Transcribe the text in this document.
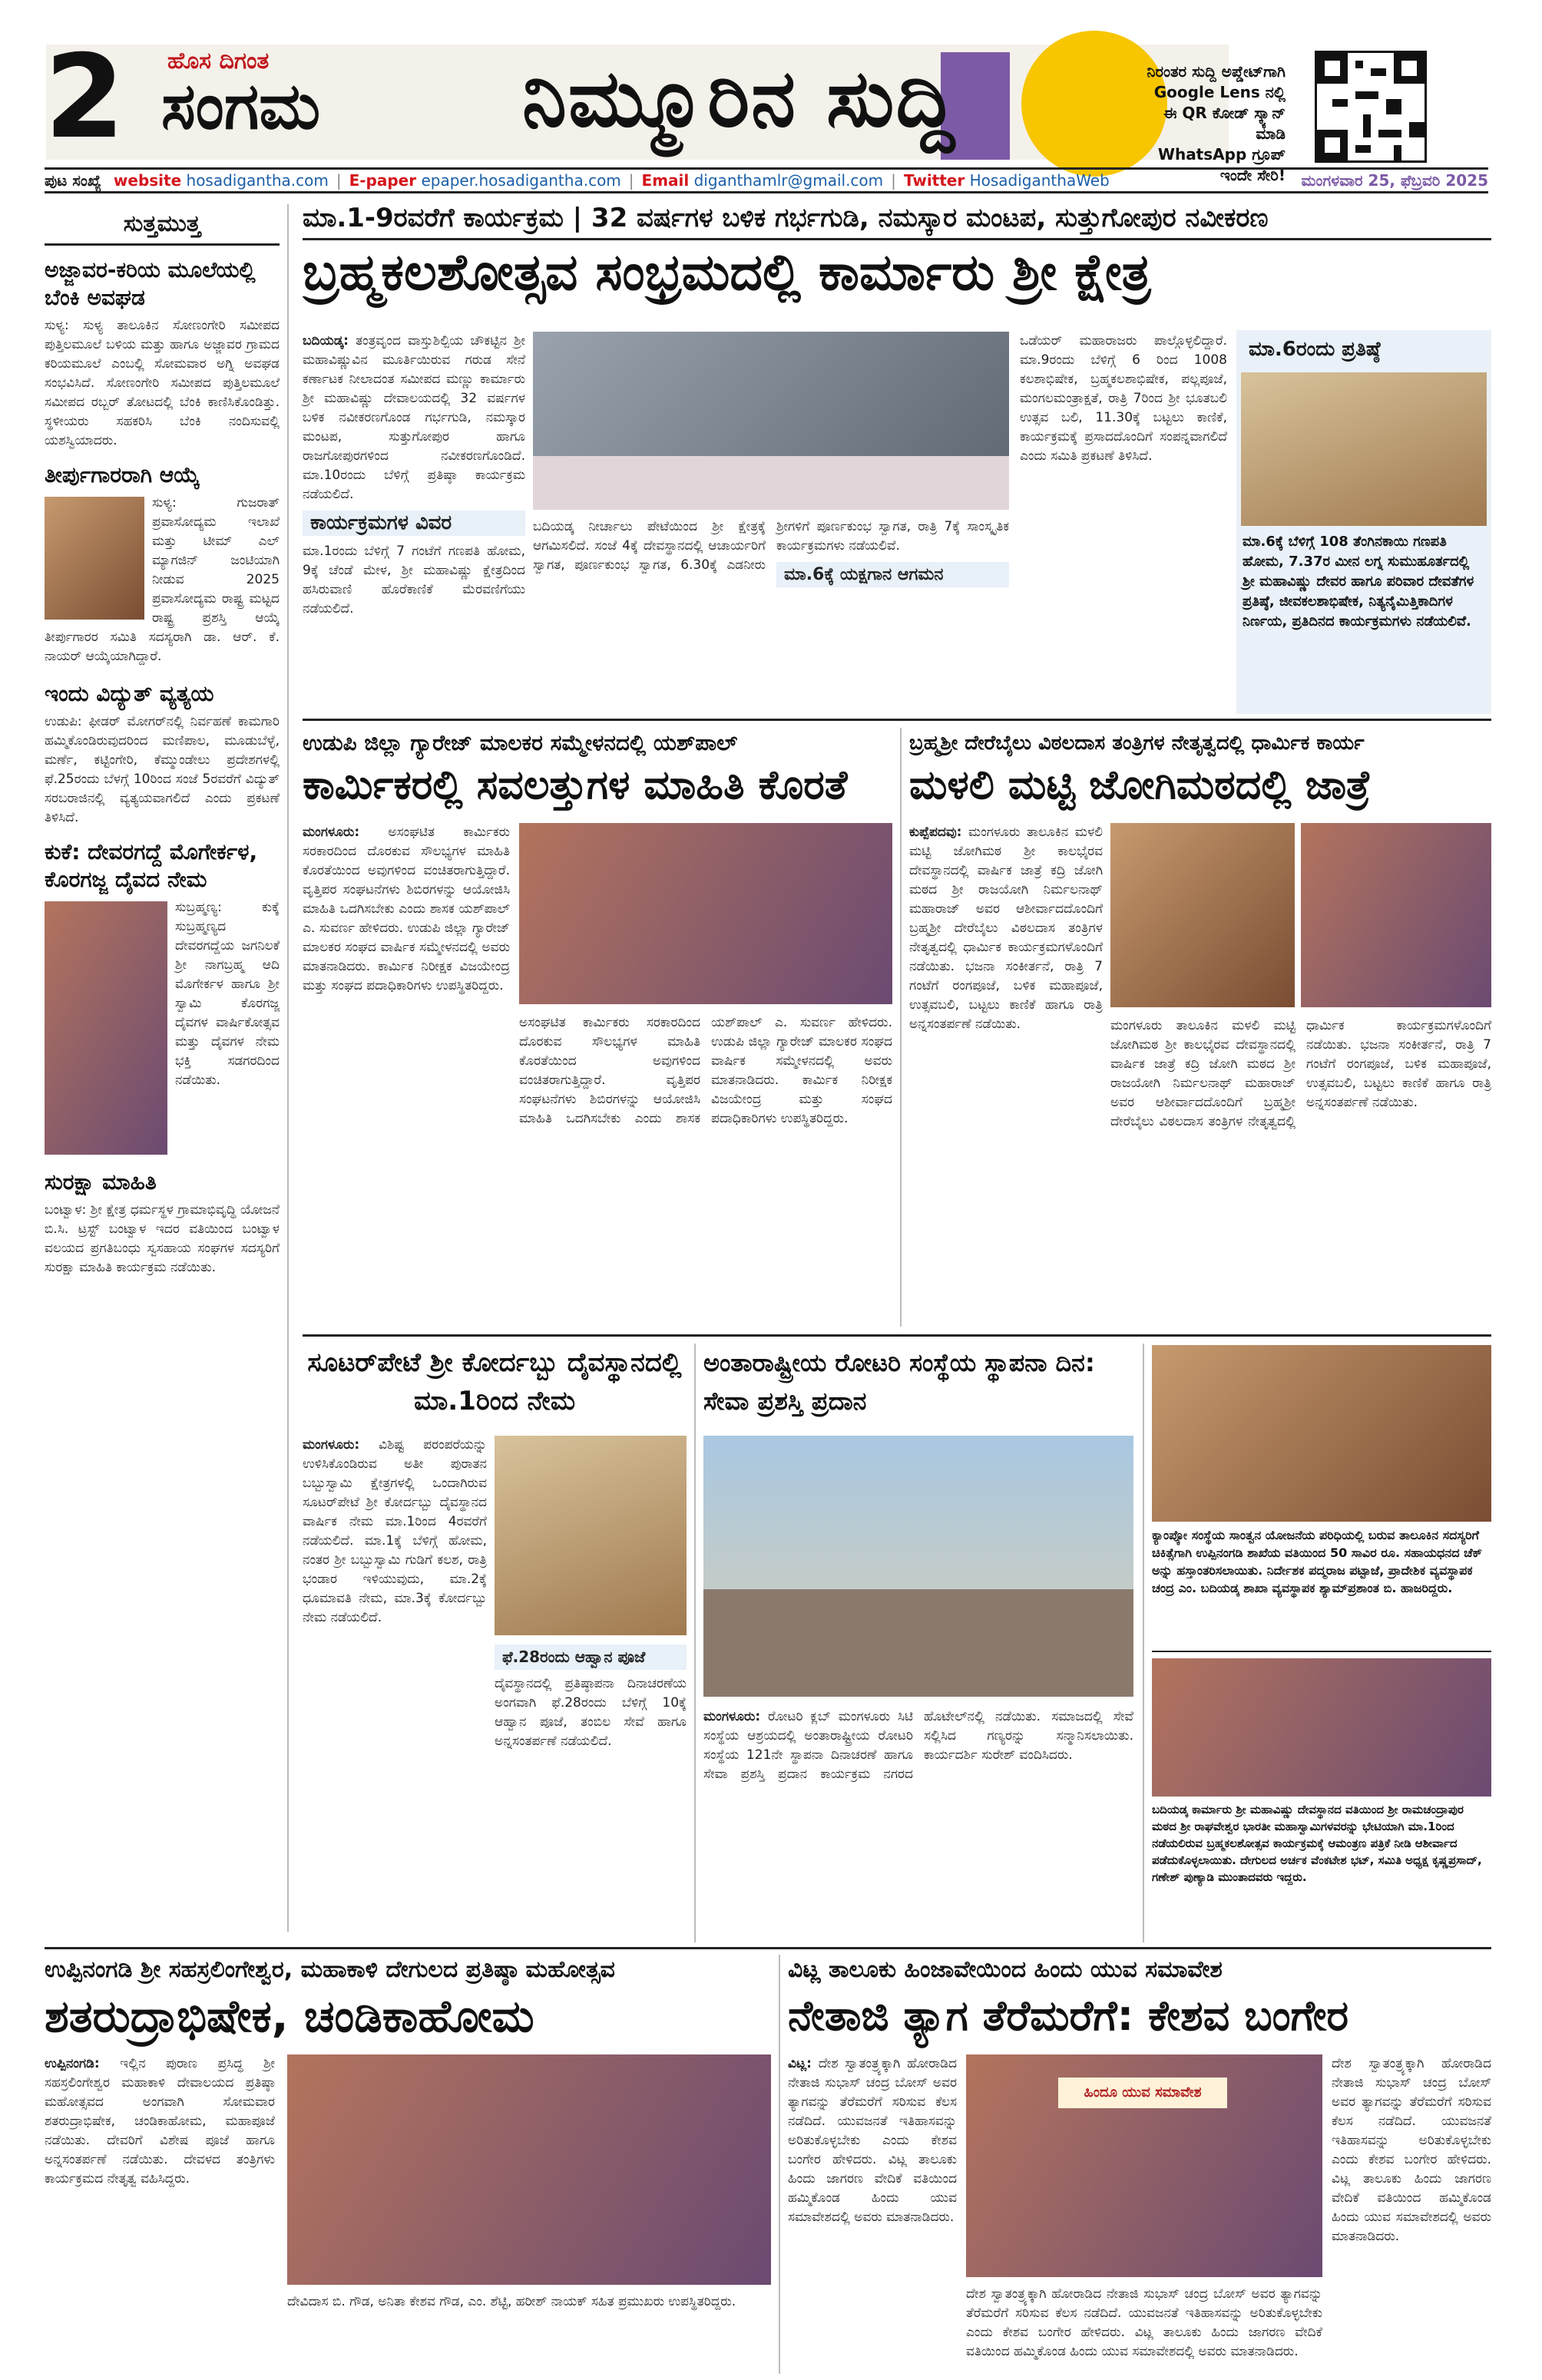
2 ಹೊಸ ದಿಗಂತ
ಸಂಗಮ	ನಿಮ್ಮೂರಿನ ಸುದ್ದಿ	ನಿರಂತರ ಸುದ್ದಿ ಅಪ್ಡೇಟ್‌ಗಾಗಿ
Google Lens ನಲ್ಲಿ
ಈ QR ಕೋಡ್ ಸ್ಕ್ಯಾನ್ ಮಾಡಿ
WhatsApp ಗ್ರೂಪ್ ಇಂದೇ ಸೇರಿ!
ಪುಟ ಸಂಖ್ಯೆ website
hosadigantha.com | E-paper
epaper.hosadigantha.com | Email
diganthamlr@gmail.com | Twitter
HosadiganthaWeb	ಮಂಗಳವಾರ 25, ಫೆಬ್ರವರಿ 2025
ಸುತ್ತಮುತ್ತ
ಅಜ್ಜಾವರ-ಕರಿಯ ಮೂಲೆಯಲ್ಲಿ ಬೆಂಕಿ ಅವಘಡ

ಸುಳ್ಯ: ಸುಳ್ಯ ತಾಲೂಕಿನ ಸೋಣಂಗೇರಿ ಸಮೀಪದ ಪುತ್ತಿಲಮೂಲೆ ಬಳಿಯ ಮತ್ತು ಹಾಗೂ ಅಜ್ಜಾವರ ಗ್ರಾಮದ ಕರಿಯಮೂಲೆ ಎಂಬಲ್ಲಿ ಸೋಮವಾರ ಅಗ್ನಿ ಅವಘಡ ಸಂಭವಿಸಿದೆ. ಸೋಣಂಗೇರಿ ಸಮೀಪದ ಪುತ್ತಿಲಮೂಲೆ ಸಮೀಪದ ರಬ್ಬರ್ ತೋಟದಲ್ಲಿ ಬೆಂಕಿ ಕಾಣಿಸಿಕೊಂಡಿತ್ತು. ಸ್ಥಳೀಯರು ಸಹಕರಿಸಿ ಬೆಂಕಿ ನಂದಿಸುವಲ್ಲಿ ಯಶಸ್ವಿಯಾದರು.

ತೀರ್ಪುಗಾರರಾಗಿ ಆಯ್ಕೆ

ಸುಳ್ಯ: ಗುಜರಾತ್ ಪ್ರವಾಸೋದ್ಯಮ ಇಲಾಖೆ ಮತ್ತು ಟೀಮ್ ಎಲ್ ಮ್ಯಾಗಜಿನ್ ಜಂಟಿಯಾಗಿ ನೀಡುವ 2025 ಪ್ರವಾಸೋದ್ಯಮ ರಾಷ್ಟ್ರ ಮಟ್ಟದ ರಾಷ್ಟ್ರ ಪ್ರಶಸ್ತಿ ಆಯ್ಕೆ ತೀರ್ಪುಗಾರರ ಸಮಿತಿ ಸದಸ್ಯರಾಗಿ ಡಾ. ಆರ್. ಕೆ. ನಾಯರ್ ಆಯ್ಕೆಯಾಗಿದ್ದಾರೆ.

ಇಂದು ವಿದ್ಯುತ್ ವ್ಯತ್ಯಯ

ಉಡುಪಿ: ಫೀಡರ್ ಮೋಗರ್‌ನಲ್ಲಿ ನಿರ್ವಹಣೆ ಕಾಮಗಾರಿ ಹಮ್ಮಿಕೊಂಡಿರುವುದರಿಂದ ಮಣಿಪಾಲ, ಮೂಡುಬೆಳ್ಳೆ, ಮರ್ಣೆ, ಕಟ್ಟಿಂಗೇರಿ, ಕೆಮ್ಮುಂಡೇಲು ಪ್ರದೇಶಗಳಲ್ಲಿ ಫೆ.25ರಂದು ಬೆಳಗ್ಗೆ 10ರಿಂದ ಸಂಜೆ 5ರವರೆಗೆ ವಿದ್ಯುತ್ ಸರಬರಾಜಿನಲ್ಲಿ ವ್ಯತ್ಯಯವಾಗಲಿದೆ ಎಂದು ಪ್ರಕಟಣೆ ತಿಳಿಸಿದೆ.

ಕುಕೆ: ದೇವರಗದ್ದೆ ಮೊಗೇರ್ಕಳ, ಕೊರಗಜ್ಜ ದೈವದ ನೇಮ

ಸುಬ್ರಹ್ಮಣ್ಯ: ಕುಕ್ಕೆ ಸುಬ್ರಹ್ಮಣ್ಯದ ದೇವರಗದ್ದೆಯ ಜಗನಿಲಕೆ ಶ್ರೀ ನಾಗಬ್ರಹ್ಮ ಆದಿ ಮೊಗೇರ್ಕಳ ಹಾಗೂ ಶ್ರೀ ಸ್ವಾಮಿ ಕೊರಗಜ್ಜ ದೈವಗಳ ವಾರ್ಷಿಕೋತ್ಸವ ಮತ್ತು ದೈವಗಳ ನೇಮ ಭಕ್ತಿ ಸಡಗರದಿಂದ ನಡೆಯಿತು.

ಸುರಕ್ಷಾ ಮಾಹಿತಿ

ಬಂಟ್ವಾಳ: ಶ್ರೀ ಕ್ಷೇತ್ರ ಧರ್ಮಸ್ಥಳ ಗ್ರಾಮಾಭಿವೃದ್ಧಿ ಯೋಜನೆ ಬಿ.ಸಿ. ಟ್ರಸ್ಟ್ ಬಂಟ್ವಾಳ ಇದರ ವತಿಯಿಂದ ಬಂಟ್ವಾಳ ವಲಯದ ಪ್ರಗತಿಬಂಧು ಸ್ವಸಹಾಯ ಸಂಘಗಳ ಸದಸ್ಯರಿಗೆ ಸುರಕ್ಷಾ ಮಾಹಿತಿ ಕಾರ್ಯಕ್ರಮ ನಡೆಯಿತು.

ಮಾ.1-9ರವರೆಗೆ ಕಾರ್ಯಕ್ರಮ | 32 ವರ್ಷಗಳ ಬಳಿಕ ಗರ್ಭಗುಡಿ, ನಮಸ್ಕಾರ ಮಂಟಪ, ಸುತ್ತುಗೋಪುರ ನವೀಕರಣ
ಬ್ರಹ್ಮಕಲಶೋತ್ಸವ ಸಂಭ್ರಮದಲ್ಲಿ ಕಾರ್ಮಾರು ಶ್ರೀ ಕ್ಷೇತ್ರ
ಬದಿಯಡ್ಕ: ತಂತ್ರವೃಂದ ವಾಸ್ತುಶಿಲ್ಪಿಯ ಚೌಕಟ್ಟಿನ ಶ್ರೀ ಮಹಾವಿಷ್ಣುವಿನ ಮೂರ್ತಿಯಿರುವ ಗರುಡ ಸೇನೆ ಕರ್ಣಾಟಕ ನೀಲಾದಂತ ಸಮೀಪದ ಮಣ್ಣು ಕಾರ್ಮಾರು ಶ್ರೀ ಮಹಾವಿಷ್ಣು ದೇವಾಲಯದಲ್ಲಿ 32 ವರ್ಷಗಳ ಬಳಿಕ ನವೀಕರಣಗೊಂಡ ಗರ್ಭಗುಡಿ, ನಮಸ್ಕಾರ ಮಂಟಪ, ಸುತ್ತುಗೋಪುರ ಹಾಗೂ ರಾಜಗೋಪುರಗಳಿಂದ ನವೀಕರಣಗೊಂಡಿದೆ. ಮಾ.10ರಂದು ಬೆಳಿಗ್ಗೆ ಪ್ರತಿಷ್ಠಾ ಕಾರ್ಯಕ್ರಮ ನಡೆಯಲಿದೆ.
ಕಾರ್ಯಕ್ರಮಗಳ ವಿವರ
ಮಾ.1ರಂದು ಬೆಳಿಗ್ಗೆ 7 ಗಂಟೆಗೆ ಗಣಪತಿ ಹೋಮ, 9ಕ್ಕೆ ಚೆಂಡೆ ಮೇಳ, ಶ್ರೀ ಮಹಾವಿಷ್ಣು ಕ್ಷೇತ್ರದಿಂದ ಹಸಿರುವಾಣಿ ಹೊರೆಕಾಣಿಕೆ ಮೆರವಣಿಗೆಯು ನಡೆಯಲಿದೆ.
ಬದಿಯಡ್ಕ ನೀರ್ಚಾಲು ಪೇಟೆಯಿಂದ ಶ್ರೀ ಕ್ಷೇತ್ರಕ್ಕೆ ಆಗಮಿಸಲಿದೆ. ಸಂಜೆ 4ಕ್ಕೆ ದೇವಸ್ಥಾನದಲ್ಲಿ ಆಚಾರ್ಯರಿಗೆ ಸ್ವಾಗತ, ಪೂರ್ಣಕುಂಭ ಸ್ವಾಗತ, 6.30ಕ್ಕೆ ಎಡನೀರು ಶ್ರೀಗಳಿಗೆ ಪೂರ್ಣಕುಂಭ ಸ್ವಾಗತ, ರಾತ್ರಿ 7ಕ್ಕೆ ಸಾಂಸ್ಕೃತಿಕ ಕಾರ್ಯಕ್ರಮಗಳು ನಡೆಯಲಿವೆ.
ಮಾ.6ಕ್ಕೆ ಯಕ್ಷಗಾನ ಆಗಮನ
ಒಡೆಯರ್ ಮಹಾರಾಜರು ಪಾಲ್ಗೊಳ್ಳಲಿದ್ದಾರೆ. ಮಾ.9ರಂದು ಬೆಳಿಗ್ಗೆ 6 ರಿಂದ 1008 ಕಲಶಾಭಿಷೇಕ, ಬ್ರಹ್ಮಕಲಶಾಭಿಷೇಕ, ಪಲ್ಲಪೂಜೆ, ಮಂಗಲಮಂತ್ರಾಕ್ಷತೆ, ರಾತ್ರಿ 7ರಿಂದ ಶ್ರೀ ಭೂತಬಲಿ ಉತ್ಸವ ಬಲಿ, 11.30ಕ್ಕೆ ಬಟ್ಟಲು ಕಾಣಿಕೆ, ಕಾರ್ಯಕ್ರಮಕ್ಕೆ ಪ್ರಸಾದದೊಂದಿಗೆ ಸಂಪನ್ನವಾಗಲಿದೆ ಎಂದು ಸಮಿತಿ ಪ್ರಕಟಣೆ ತಿಳಿಸಿದೆ.
ಮಾ.6ರಂದು ಪ್ರತಿಷ್ಠೆ
ಮಾ.6ಕ್ಕೆ ಬೆಳಿಗ್ಗೆ 108 ತೆಂಗಿನಕಾಯಿ ಗಣಪತಿ ಹೋಮ, 7.37ರ ಮೀನ ಲಗ್ನ ಸುಮುಹೂರ್ತದಲ್ಲಿ ಶ್ರೀ ಮಹಾವಿಷ್ಣು ದೇವರ ಹಾಗೂ ಪರಿವಾರ ದೇವತೆಗಳ ಪ್ರತಿಷ್ಠೆ, ಜೀವಕಲಶಾಭಿಷೇಕ, ನಿತ್ಯನೈಮಿತ್ತಿಕಾದಿಗಳ ನಿರ್ಣಯ, ಪ್ರತಿದಿನದ ಕಾರ್ಯಕ್ರಮಗಳು ನಡೆಯಲಿವೆ.
ಉಡುಪಿ ಜಿಲ್ಲಾ ಗ್ಯಾರೇಜ್ ಮಾಲಕರ ಸಮ್ಮೇಳನದಲ್ಲಿ ಯಶ್‌ಪಾಲ್
ಕಾರ್ಮಿಕರಲ್ಲಿ ಸವಲತ್ತುಗಳ ಮಾಹಿತಿ ಕೊರತೆ
ಮಂಗಳೂರು: ಅಸಂಘಟಿತ ಕಾರ್ಮಿಕರು ಸರಕಾರದಿಂದ ದೊರಕುವ ಸೌಲಭ್ಯಗಳ ಮಾಹಿತಿ ಕೊರತೆಯಿಂದ ಅವುಗಳಿಂದ ವಂಚಿತರಾಗುತ್ತಿದ್ದಾರೆ. ವೃತ್ತಿಪರ ಸಂಘಟನೆಗಳು ಶಿಬಿರಗಳನ್ನು ಆಯೋಜಿಸಿ ಮಾಹಿತಿ ಒದಗಿಸಬೇಕು ಎಂದು ಶಾಸಕ ಯಶ್‌ಪಾಲ್ ಎ. ಸುವರ್ಣ ಹೇಳಿದರು. ಉಡುಪಿ ಜಿಲ್ಲಾ ಗ್ಯಾರೇಜ್ ಮಾಲಕರ ಸಂಘದ ವಾರ್ಷಿಕ ಸಮ್ಮೇಳನದಲ್ಲಿ ಅವರು ಮಾತನಾಡಿದರು. ಕಾರ್ಮಿಕ ನಿರೀಕ್ಷಕ ವಿಜಯೇಂದ್ರ ಮತ್ತು ಸಂಘದ ಪದಾಧಿಕಾರಿಗಳು ಉಪಸ್ಥಿತರಿದ್ದರು.
ಅಸಂಘಟಿತ ಕಾರ್ಮಿಕರು ಸರಕಾರದಿಂದ ದೊರಕುವ ಸೌಲಭ್ಯಗಳ ಮಾಹಿತಿ ಕೊರತೆಯಿಂದ ಅವುಗಳಿಂದ ವಂಚಿತರಾಗುತ್ತಿದ್ದಾರೆ. ವೃತ್ತಿಪರ ಸಂಘಟನೆಗಳು ಶಿಬಿರಗಳನ್ನು ಆಯೋಜಿಸಿ ಮಾಹಿತಿ ಒದಗಿಸಬೇಕು ಎಂದು ಶಾಸಕ ಯಶ್‌ಪಾಲ್ ಎ. ಸುವರ್ಣ ಹೇಳಿದರು. ಉಡುಪಿ ಜಿಲ್ಲಾ ಗ್ಯಾರೇಜ್ ಮಾಲಕರ ಸಂಘದ ವಾರ್ಷಿಕ ಸಮ್ಮೇಳನದಲ್ಲಿ ಅವರು ಮಾತನಾಡಿದರು. ಕಾರ್ಮಿಕ ನಿರೀಕ್ಷಕ ವಿಜಯೇಂದ್ರ ಮತ್ತು ಸಂಘದ ಪದಾಧಿಕಾರಿಗಳು ಉಪಸ್ಥಿತರಿದ್ದರು.
ಬ್ರಹ್ಮಶ್ರೀ ದೇರೆಬೈಲು ವಿಠಲದಾಸ ತಂತ್ರಿಗಳ ನೇತೃತ್ವದಲ್ಲಿ ಧಾರ್ಮಿಕ ಕಾರ್ಯ
ಮಳಲಿ ಮಟ್ಟಿ ಜೋಗಿಮಠದಲ್ಲಿ ಜಾತ್ರೆ
ಕುಪ್ಪೆಪದವು: ಮಂಗಳೂರು ತಾಲೂಕಿನ ಮಳಲಿ ಮಟ್ಟಿ ಜೋಗಿಮಠ ಶ್ರೀ ಕಾಲಭೈರವ ದೇವಸ್ಥಾನದಲ್ಲಿ ವಾರ್ಷಿಕ ಜಾತ್ರೆ ಕದ್ರಿ ಜೋಗಿ ಮಠದ ಶ್ರೀ ರಾಜಯೋಗಿ ನಿರ್ಮಲನಾಥ್ ಮಹಾರಾಜ್ ಅವರ ಆಶೀರ್ವಾದದೊಂದಿಗೆ ಬ್ರಹ್ಮಶ್ರೀ ದೇರೆಬೈಲು ವಿಠಲದಾಸ ತಂತ್ರಿಗಳ ನೇತೃತ್ವದಲ್ಲಿ ಧಾರ್ಮಿಕ ಕಾರ್ಯಕ್ರಮಗಳೊಂದಿಗೆ ನಡೆಯಿತು. ಭಜನಾ ಸಂಕೀರ್ತನೆ, ರಾತ್ರಿ 7 ಗಂಟೆಗೆ ರಂಗಪೂಜೆ, ಬಳಿಕ ಮಹಾಪೂಜೆ, ಉತ್ಸವಬಲಿ, ಬಟ್ಟಲು ಕಾಣಿಕೆ ಹಾಗೂ ರಾತ್ರಿ ಅನ್ನಸಂತರ್ಪಣೆ ನಡೆಯಿತು.	ಮಂಗಳೂರು ತಾಲೂಕಿನ ಮಳಲಿ ಮಟ್ಟಿ ಜೋಗಿಮಠ ಶ್ರೀ ಕಾಲಭೈರವ ದೇವಸ್ಥಾನದಲ್ಲಿ ವಾರ್ಷಿಕ ಜಾತ್ರೆ ಕದ್ರಿ ಜೋಗಿ ಮಠದ ಶ್ರೀ ರಾಜಯೋಗಿ ನಿರ್ಮಲನಾಥ್ ಮಹಾರಾಜ್ ಅವರ ಆಶೀರ್ವಾದದೊಂದಿಗೆ ಬ್ರಹ್ಮಶ್ರೀ ದೇರೆಬೈಲು ವಿಠಲದಾಸ ತಂತ್ರಿಗಳ ನೇತೃತ್ವದಲ್ಲಿ ಧಾರ್ಮಿಕ ಕಾರ್ಯಕ್ರಮಗಳೊಂದಿಗೆ ನಡೆಯಿತು. ಭಜನಾ ಸಂಕೀರ್ತನೆ, ರಾತ್ರಿ 7 ಗಂಟೆಗೆ ರಂಗಪೂಜೆ, ಬಳಿಕ ಮಹಾಪೂಜೆ, ಉತ್ಸವಬಲಿ, ಬಟ್ಟಲು ಕಾಣಿಕೆ ಹಾಗೂ ರಾತ್ರಿ ಅನ್ನಸಂತರ್ಪಣೆ ನಡೆಯಿತು.
ಸೂಟರ್‌ಪೇಟೆ ಶ್ರೀ ಕೋರ್ದಬ್ಬು ದೈವಸ್ಥಾನದಲ್ಲಿ ಮಾ.1ರಿಂದ ನೇಮ
ಮಂಗಳೂರು: ವಿಶಿಷ್ಟ ಪರಂಪರೆಯನ್ನು ಉಳಿಸಿಕೊಂಡಿರುವ ಅತೀ ಪುರಾತನ ಬಬ್ಬುಸ್ವಾಮಿ ಕ್ಷೇತ್ರಗಳಲ್ಲಿ ಒಂದಾಗಿರುವ ಸೂಟರ್‌ಪೇಟೆ ಶ್ರೀ ಕೋರ್ದಬ್ಬು ದೈವಸ್ಥಾನದ ವಾರ್ಷಿಕ ನೇಮ ಮಾ.1ರಿಂದ 4ರವರೆಗೆ ನಡೆಯಲಿದೆ. ಮಾ.1ಕ್ಕೆ ಬೆಳಿಗ್ಗೆ ಹೋಮ, ನಂತರ ಶ್ರೀ ಬಬ್ಬುಸ್ವಾಮಿ ಗುಡಿಗೆ ಕಲಶ, ರಾತ್ರಿ ಭಂಡಾರ ಇಳಿಯುವುದು, ಮಾ.2ಕ್ಕೆ ಧೂಮಾವತಿ ನೇಮ, ಮಾ.3ಕ್ಕೆ ಕೋರ್ದಬ್ಬು ನೇಮ ನಡೆಯಲಿದೆ.
ಫೆ.28ರಂದು ಆಹ್ವಾನ ಪೂಜೆ
ದೈವಸ್ಥಾನದಲ್ಲಿ ಪ್ರತಿಷ್ಠಾಪನಾ ದಿನಾಚರಣೆಯ ಅಂಗವಾಗಿ ಫೆ.28ರಂದು ಬೆಳಿಗ್ಗೆ 10ಕ್ಕೆ ಆಹ್ವಾನ ಪೂಜೆ, ತಂಬಿಲ ಸೇವೆ ಹಾಗೂ ಅನ್ನಸಂತರ್ಪಣೆ ನಡೆಯಲಿದೆ.
ಅಂತಾರಾಷ್ಟ್ರೀಯ ರೋಟರಿ ಸಂಸ್ಥೆಯ ಸ್ಥಾಪನಾ ದಿನ: ಸೇವಾ ಪ್ರಶಸ್ತಿ ಪ್ರದಾನ
ಮಂಗಳೂರು: ರೋಟರಿ ಕ್ಲಬ್ ಮಂಗಳೂರು ಸಿಟಿ ಸಂಸ್ಥೆಯ ಆಶ್ರಯದಲ್ಲಿ ಅಂತಾರಾಷ್ಟ್ರೀಯ ರೋಟರಿ ಸಂಸ್ಥೆಯ 121ನೇ ಸ್ಥಾಪನಾ ದಿನಾಚರಣೆ ಹಾಗೂ ಸೇವಾ ಪ್ರಶಸ್ತಿ ಪ್ರದಾನ ಕಾರ್ಯಕ್ರಮ ನಗರದ ಹೊಟೇಲ್‌ನಲ್ಲಿ ನಡೆಯಿತು. ಸಮಾಜದಲ್ಲಿ ಸೇವೆ ಸಲ್ಲಿಸಿದ ಗಣ್ಯರನ್ನು ಸನ್ಮಾನಿಸಲಾಯಿತು. ಕಾರ್ಯದರ್ಶಿ ಸುರೇಶ್ ವಂದಿಸಿದರು.
ಕ್ಯಾಂಪ್ಕೋ ಸಂಸ್ಥೆಯ ಸಾಂತ್ವನ ಯೋಜನೆಯ ಪರಿಧಿಯಲ್ಲಿ ಬರುವ ತಾಲೂಕಿನ ಸದಸ್ಯರಿಗೆ ಚಿಕಿತ್ಸೆಗಾಗಿ ಉಪ್ಪಿನಂಗಡಿ ಶಾಖೆಯ ವತಿಯಿಂದ 50 ಸಾವಿರ ರೂ. ಸಹಾಯಧನದ ಚೆಕ್ ಅನ್ನು ಹಸ್ತಾಂತರಿಸಲಾಯಿತು. ನಿರ್ದೇಶಕ ಪದ್ಮರಾಜ ಪಟ್ಟಾಜೆ, ಪ್ರಾದೇಶಿಕ ವ್ಯವಸ್ಥಾಪಕ ಚಂದ್ರ ಎಂ. ಬದಿಯಡ್ಕ ಶಾಖಾ ವ್ಯವಸ್ಥಾಪಕ ಶ್ಯಾಮ್‌ಪ್ರಶಾಂತ ಬಿ. ಹಾಜರಿದ್ದರು.
ಬದಿಯಡ್ಕ ಕಾರ್ಮಾರು ಶ್ರೀ ಮಹಾವಿಷ್ಣು ದೇವಸ್ಥಾನದ ವತಿಯಿಂದ ಶ್ರೀ ರಾಮಚಂದ್ರಾಪುರ ಮಠದ ಶ್ರೀ ರಾಘವೇಶ್ವರ ಭಾರತೀ ಮಹಾಸ್ವಾಮಿಗಳವರನ್ನು ಭೇಟಿಯಾಗಿ ಮಾ.1ರಿಂದ ನಡೆಯಲಿರುವ ಬ್ರಹ್ಮಕಲಶೋತ್ಸವ ಕಾರ್ಯಕ್ರಮಕ್ಕೆ ಆಮಂತ್ರಣ ಪತ್ರಿಕೆ ನೀಡಿ ಆಶೀರ್ವಾದ ಪಡೆದುಕೊಳ್ಳಲಾಯಿತು. ದೇಗುಲದ ಅರ್ಚಕ ವೆಂಕಟೇಶ ಭಟ್, ಸಮಿತಿ ಅಧ್ಯಕ್ಷ ಕೃಷ್ಣಪ್ರಸಾದ್, ಗಣೇಶ್ ಪುಣ್ಯಾಡಿ ಮುಂತಾದವರು ಇದ್ದರು.
ಉಪ್ಪಿನಂಗಡಿ ಶ್ರೀ ಸಹಸ್ರಲಿಂಗೇಶ್ವರ, ಮಹಾಕಾಳಿ ದೇಗುಲದ ಪ್ರತಿಷ್ಠಾ ಮಹೋತ್ಸವ
ಶತರುದ್ರಾಭಿಷೇಕ, ಚಂಡಿಕಾಹೋಮ
ಉಪ್ಪಿನಂಗಡಿ: ಇಲ್ಲಿನ ಪುರಾಣ ಪ್ರಸಿದ್ಧ ಶ್ರೀ ಸಹಸ್ರಲಿಂಗೇಶ್ವರ ಮಹಾಕಾಳಿ ದೇವಾಲಯದ ಪ್ರತಿಷ್ಠಾ ಮಹೋತ್ಸವದ ಅಂಗವಾಗಿ ಸೋಮವಾರ ಶತರುದ್ರಾಭಿಷೇಕ, ಚಂಡಿಕಾಹೋಮ, ಮಹಾಪೂಜೆ ನಡೆಯಿತು. ದೇವರಿಗೆ ವಿಶೇಷ ಪೂಜೆ ಹಾಗೂ ಅನ್ನಸಂತರ್ಪಣೆ ನಡೆಯಿತು. ದೇವಳದ ತಂತ್ರಿಗಳು ಕಾರ್ಯಕ್ರಮದ ನೇತೃತ್ವ ವಹಿಸಿದ್ದರು.
ದೇವಿದಾಸ ಬಿ. ಗೌಡ, ಅನಿತಾ ಕೇಶವ ಗೌಡ, ಎಂ. ಶೆಟ್ಟಿ, ಹರೀಶ್ ನಾಯಕ್ ಸಹಿತ ಪ್ರಮುಖರು ಉಪಸ್ಥಿತರಿದ್ದರು.
ವಿಟ್ಲ ತಾಲೂಕು ಹಿಂಜಾವೇಯಿಂದ ಹಿಂದು ಯುವ ಸಮಾವೇಶ
ನೇತಾಜಿ ತ್ಯಾಗ ತೆರೆಮರೆಗೆ: ಕೇಶವ ಬಂಗೇರ
ವಿಟ್ಲ: ದೇಶ ಸ್ವಾತಂತ್ರ್ಯಕ್ಕಾಗಿ ಹೋರಾಡಿದ ನೇತಾಜಿ ಸುಭಾಸ್ ಚಂದ್ರ ಬೋಸ್ ಅವರ ತ್ಯಾಗವನ್ನು ತೆರೆಮರೆಗೆ ಸರಿಸುವ ಕೆಲಸ ನಡೆದಿದೆ. ಯುವಜನತೆ ಇತಿಹಾಸವನ್ನು ಅರಿತುಕೊಳ್ಳಬೇಕು ಎಂದು ಕೇಶವ ಬಂಗೇರ ಹೇಳಿದರು. ವಿಟ್ಲ ತಾಲೂಕು ಹಿಂದು ಜಾಗರಣ ವೇದಿಕೆ ವತಿಯಿಂದ ಹಮ್ಮಿಕೊಂಡ ಹಿಂದು ಯುವ ಸಮಾವೇಶದಲ್ಲಿ ಅವರು ಮಾತನಾಡಿದರು.
ಹಿಂದೂ ಯುವ ಸಮಾವೇಶ
ದೇಶ ಸ್ವಾತಂತ್ರ್ಯಕ್ಕಾಗಿ ಹೋರಾಡಿದ ನೇತಾಜಿ ಸುಭಾಸ್ ಚಂದ್ರ ಬೋಸ್ ಅವರ ತ್ಯಾಗವನ್ನು ತೆರೆಮರೆಗೆ ಸರಿಸುವ ಕೆಲಸ ನಡೆದಿದೆ. ಯುವಜನತೆ ಇತಿಹಾಸವನ್ನು ಅರಿತುಕೊಳ್ಳಬೇಕು ಎಂದು ಕೇಶವ ಬಂಗೇರ ಹೇಳಿದರು. ವಿಟ್ಲ ತಾಲೂಕು ಹಿಂದು ಜಾಗರಣ ವೇದಿಕೆ ವತಿಯಿಂದ ಹಮ್ಮಿಕೊಂಡ ಹಿಂದು ಯುವ ಸಮಾವೇಶದಲ್ಲಿ ಅವರು ಮಾತನಾಡಿದರು.
ದೇಶ ಸ್ವಾತಂತ್ರ್ಯಕ್ಕಾಗಿ ಹೋರಾಡಿದ ನೇತಾಜಿ ಸುಭಾಸ್ ಚಂದ್ರ ಬೋಸ್ ಅವರ ತ್ಯಾಗವನ್ನು ತೆರೆಮರೆಗೆ ಸರಿಸುವ ಕೆಲಸ ನಡೆದಿದೆ. ಯುವಜನತೆ ಇತಿಹಾಸವನ್ನು ಅರಿತುಕೊಳ್ಳಬೇಕು ಎಂದು ಕೇಶವ ಬಂಗೇರ ಹೇಳಿದರು. ವಿಟ್ಲ ತಾಲೂಕು ಹಿಂದು ಜಾಗರಣ ವೇದಿಕೆ ವತಿಯಿಂದ ಹಮ್ಮಿಕೊಂಡ ಹಿಂದು ಯುವ ಸಮಾವೇಶದಲ್ಲಿ ಅವರು ಮಾತನಾಡಿದರು.
